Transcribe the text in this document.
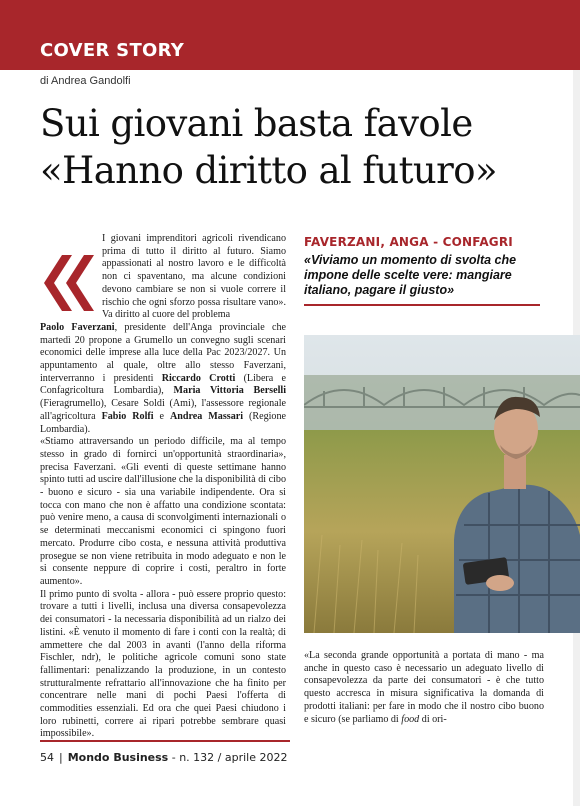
COVER STORY
di Andrea Gandolfi
Sui giovani basta favole
«Hanno diritto al futuro»

I giovani imprenditori agricoli rivendicano prima di tutto il diritto al futuro. Siamo appassionati al nostro lavoro e le difficoltà non ci spaventano, ma alcune condizioni devono cambiare se non si vuole correre il rischio che ogni sforzo possa risultare vano». Va diritto al cuore del problema

Paolo Faverzani, presidente dell'Anga provinciale che martedì 20 propone a Grumello un convegno sugli scenari economici delle imprese alla luce della Pac 2023/2027. Un appuntamento al quale, oltre allo stesso Faverzani, interverranno i presidenti Riccardo Crotti (Libera e Confagricoltura Lombardia), Maria Vittoria Berselli (Fieragrumello), Cesare Soldi (Ami), l'assessore regionale all'agricoltura Fabio Rolfi e Andrea Massari (Regione Lombardia).

«Stiamo attraversando un periodo difficile, ma al tempo stesso in grado di fornirci un'opportunità straordinaria», precisa Faverzani. «Gli eventi di queste settimane hanno spinto tutti ad uscire dall'illusione che la disponibilità di cibo - buono e sicuro - sia una variabile indipendente. Ora si tocca con mano che non è affatto una condizione scontata: può venire meno, a causa di sconvolgimenti internazionali o se determinati meccanismi economici ci spingono fuori mercato. Produrre cibo costa, e nessuna attività produttiva prosegue se non viene retribuita in modo adeguato e non le si consente neppure di coprire i costi, peraltro in forte aumento».

Il primo punto di svolta - allora - può essere proprio questo: trovare a tutti i livelli, inclusa una diversa consapevolezza dei consumatori - la necessaria disponibilità ad un rialzo dei listini. «È venuto il momento di fare i conti con la realtà; di ammettere che dal 2003 in avanti (l'anno della riforma Fischler, ndr), le politiche agricole comuni sono state fallimentari: penalizzando la produzione, in un contesto strutturalmente refrattario all'innovazione che ha finito per concentrare nelle mani di pochi Paesi l'offerta di commodities essenziali. Ed ora che quei Paesi chiudono i loro rubinetti, correre ai ripari potrebbe sembrare quasi impossibile».

FAVERZANI, ANGA - CONFAGRI
«Viviamo un momento di svolta che impone delle scelte vere: mangiare italiano, pagare il giusto»
«La seconda grande opportunità a portata di mano - ma anche in questo caso è necessario un adeguato livello di consapevolezza da parte dei consumatori - è che tutto questo accresca in misura significativa la domanda di prodotti italiani: per fare in modo che il nostro cibo buono e sicuro (se parliamo di food di ori-
54 | Mondo Business - n. 132 / aprile 2022
